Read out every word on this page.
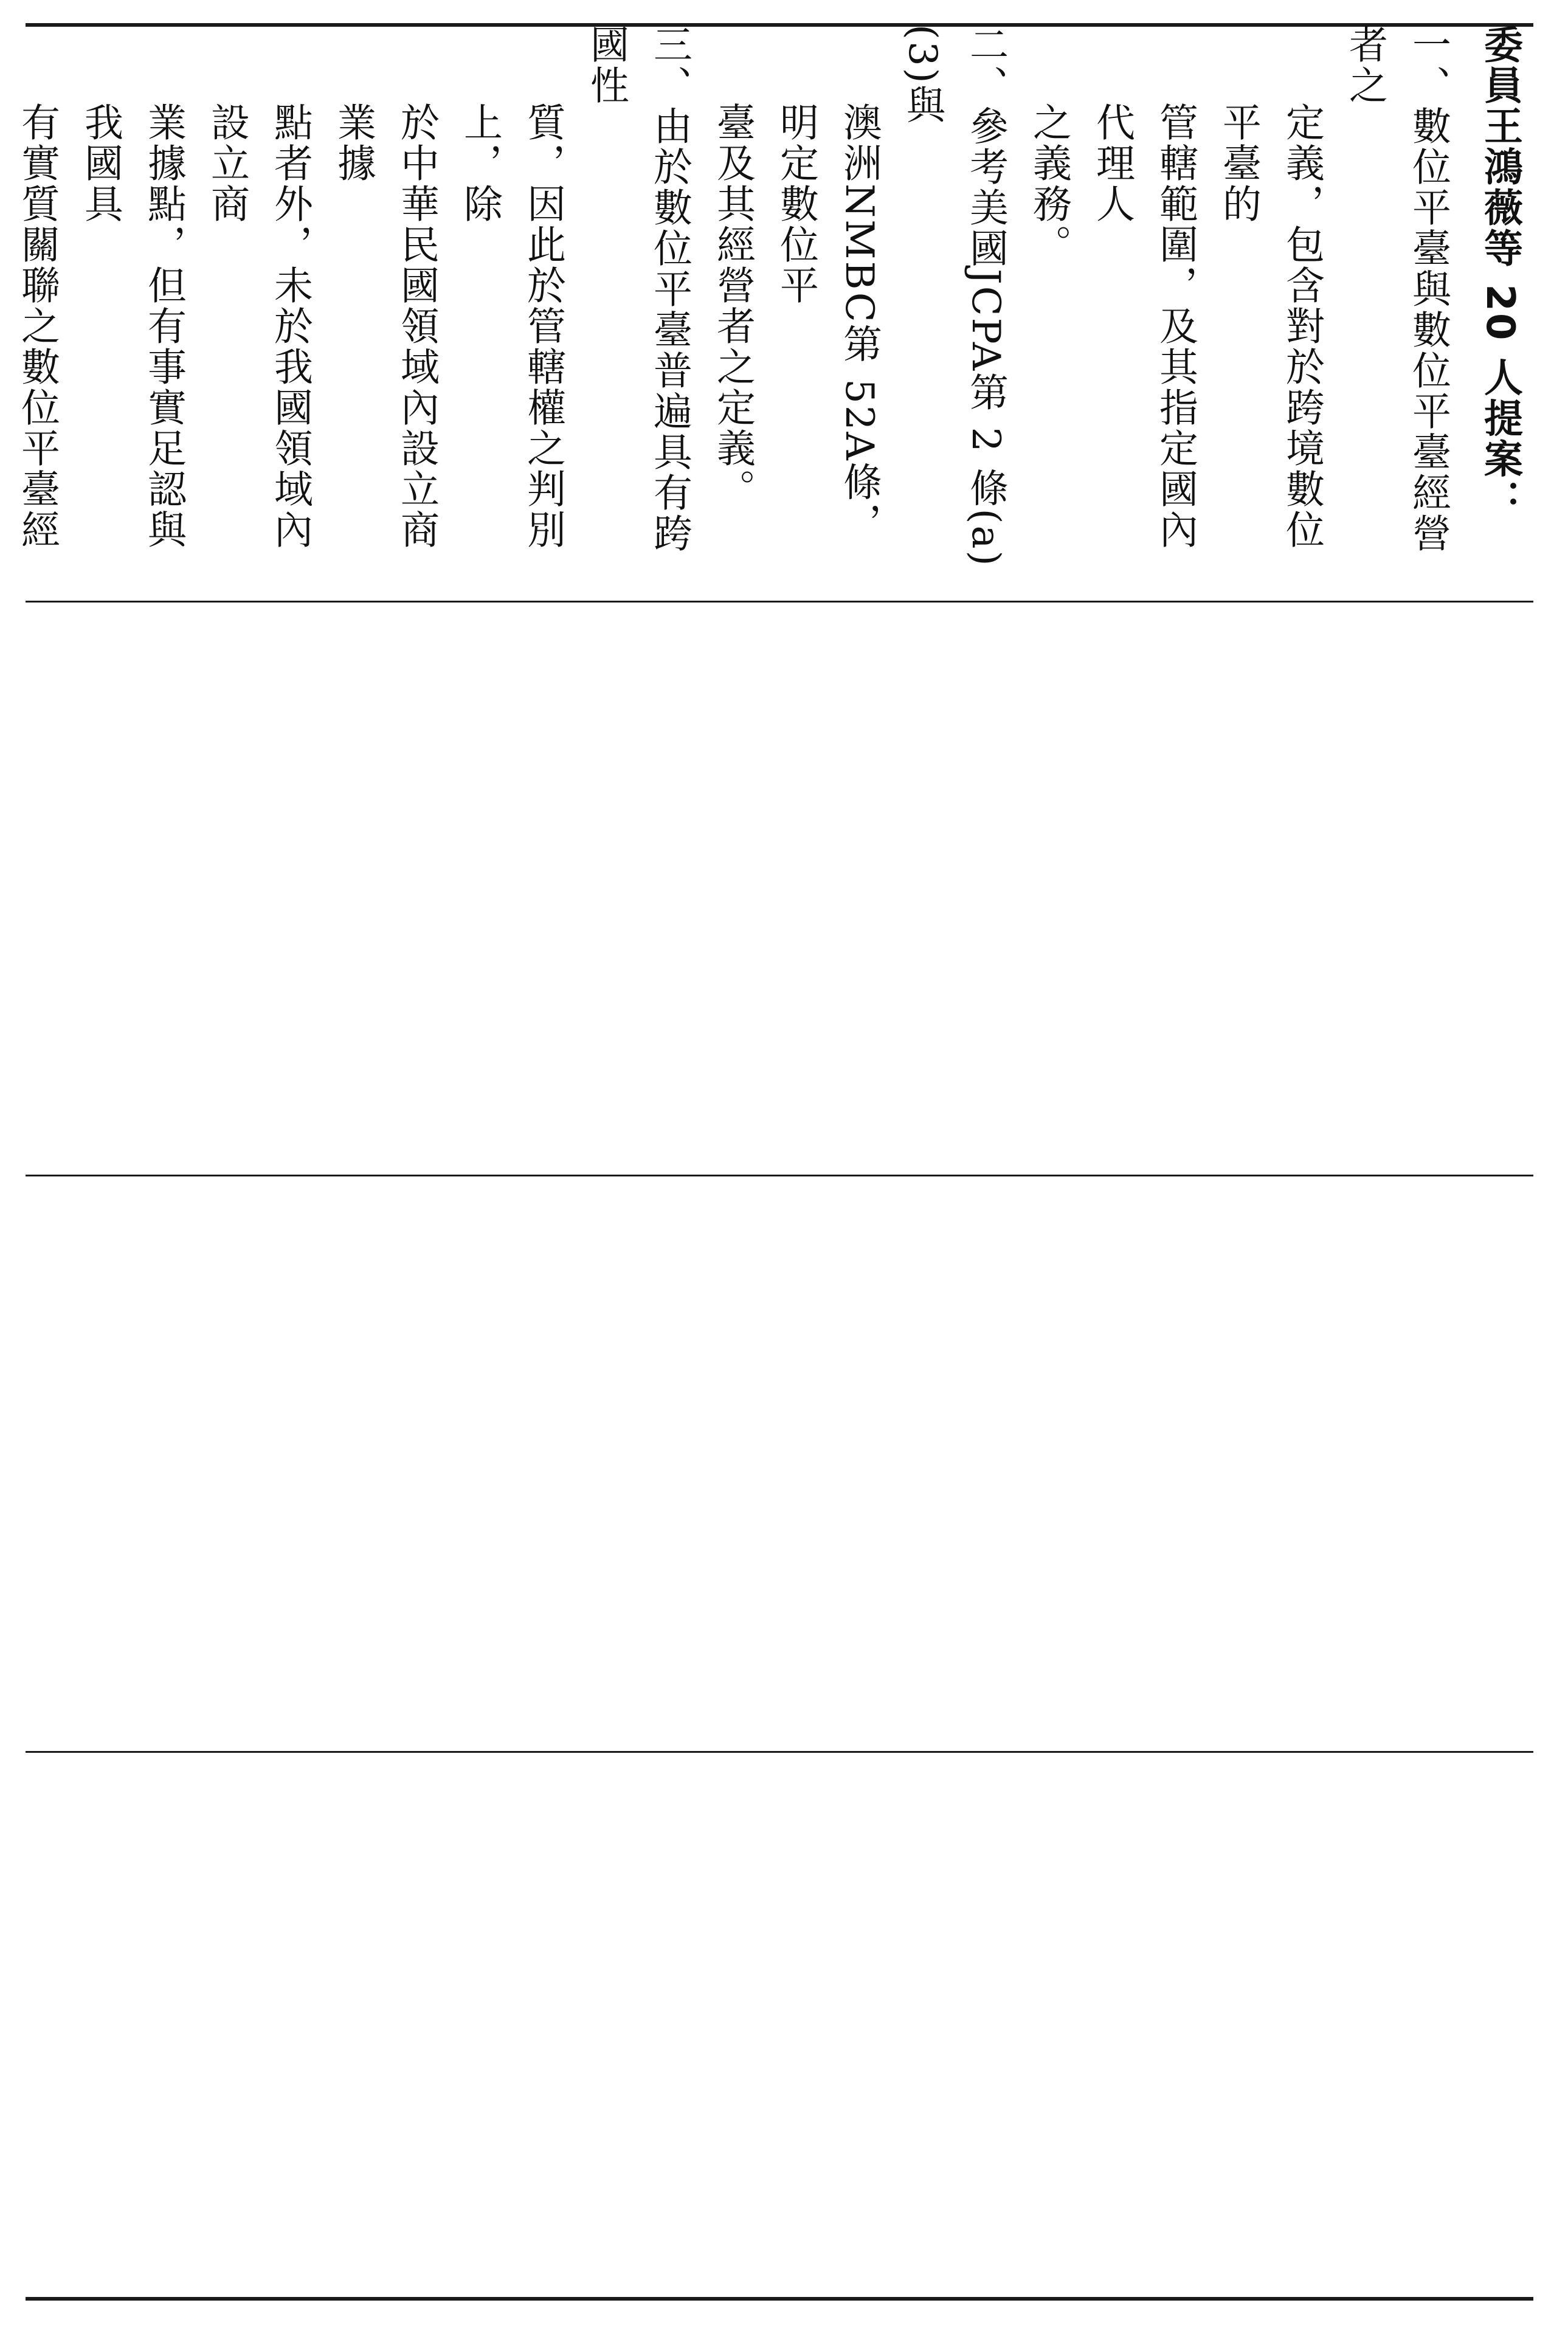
委員王鴻薇等 20 人提案：
一、數位平臺與數位平臺經營者之
定義，包含對於跨境數位平臺的
管轄範圍，及其指定國內代理人
之義務。
二、參考美國JCPA第 2 條(a)(3)與
澳洲NMBC第 52A條，明定數位平
臺及其經營者之定義。
三、由於數位平臺普遍具有跨國性
質，因此於管轄權之判別上，除
於中華民國領域內設立商業據
點者外，未於我國領域內設立商
業據點，但有事實足認與我國具
有實質關聯之數位平臺經
